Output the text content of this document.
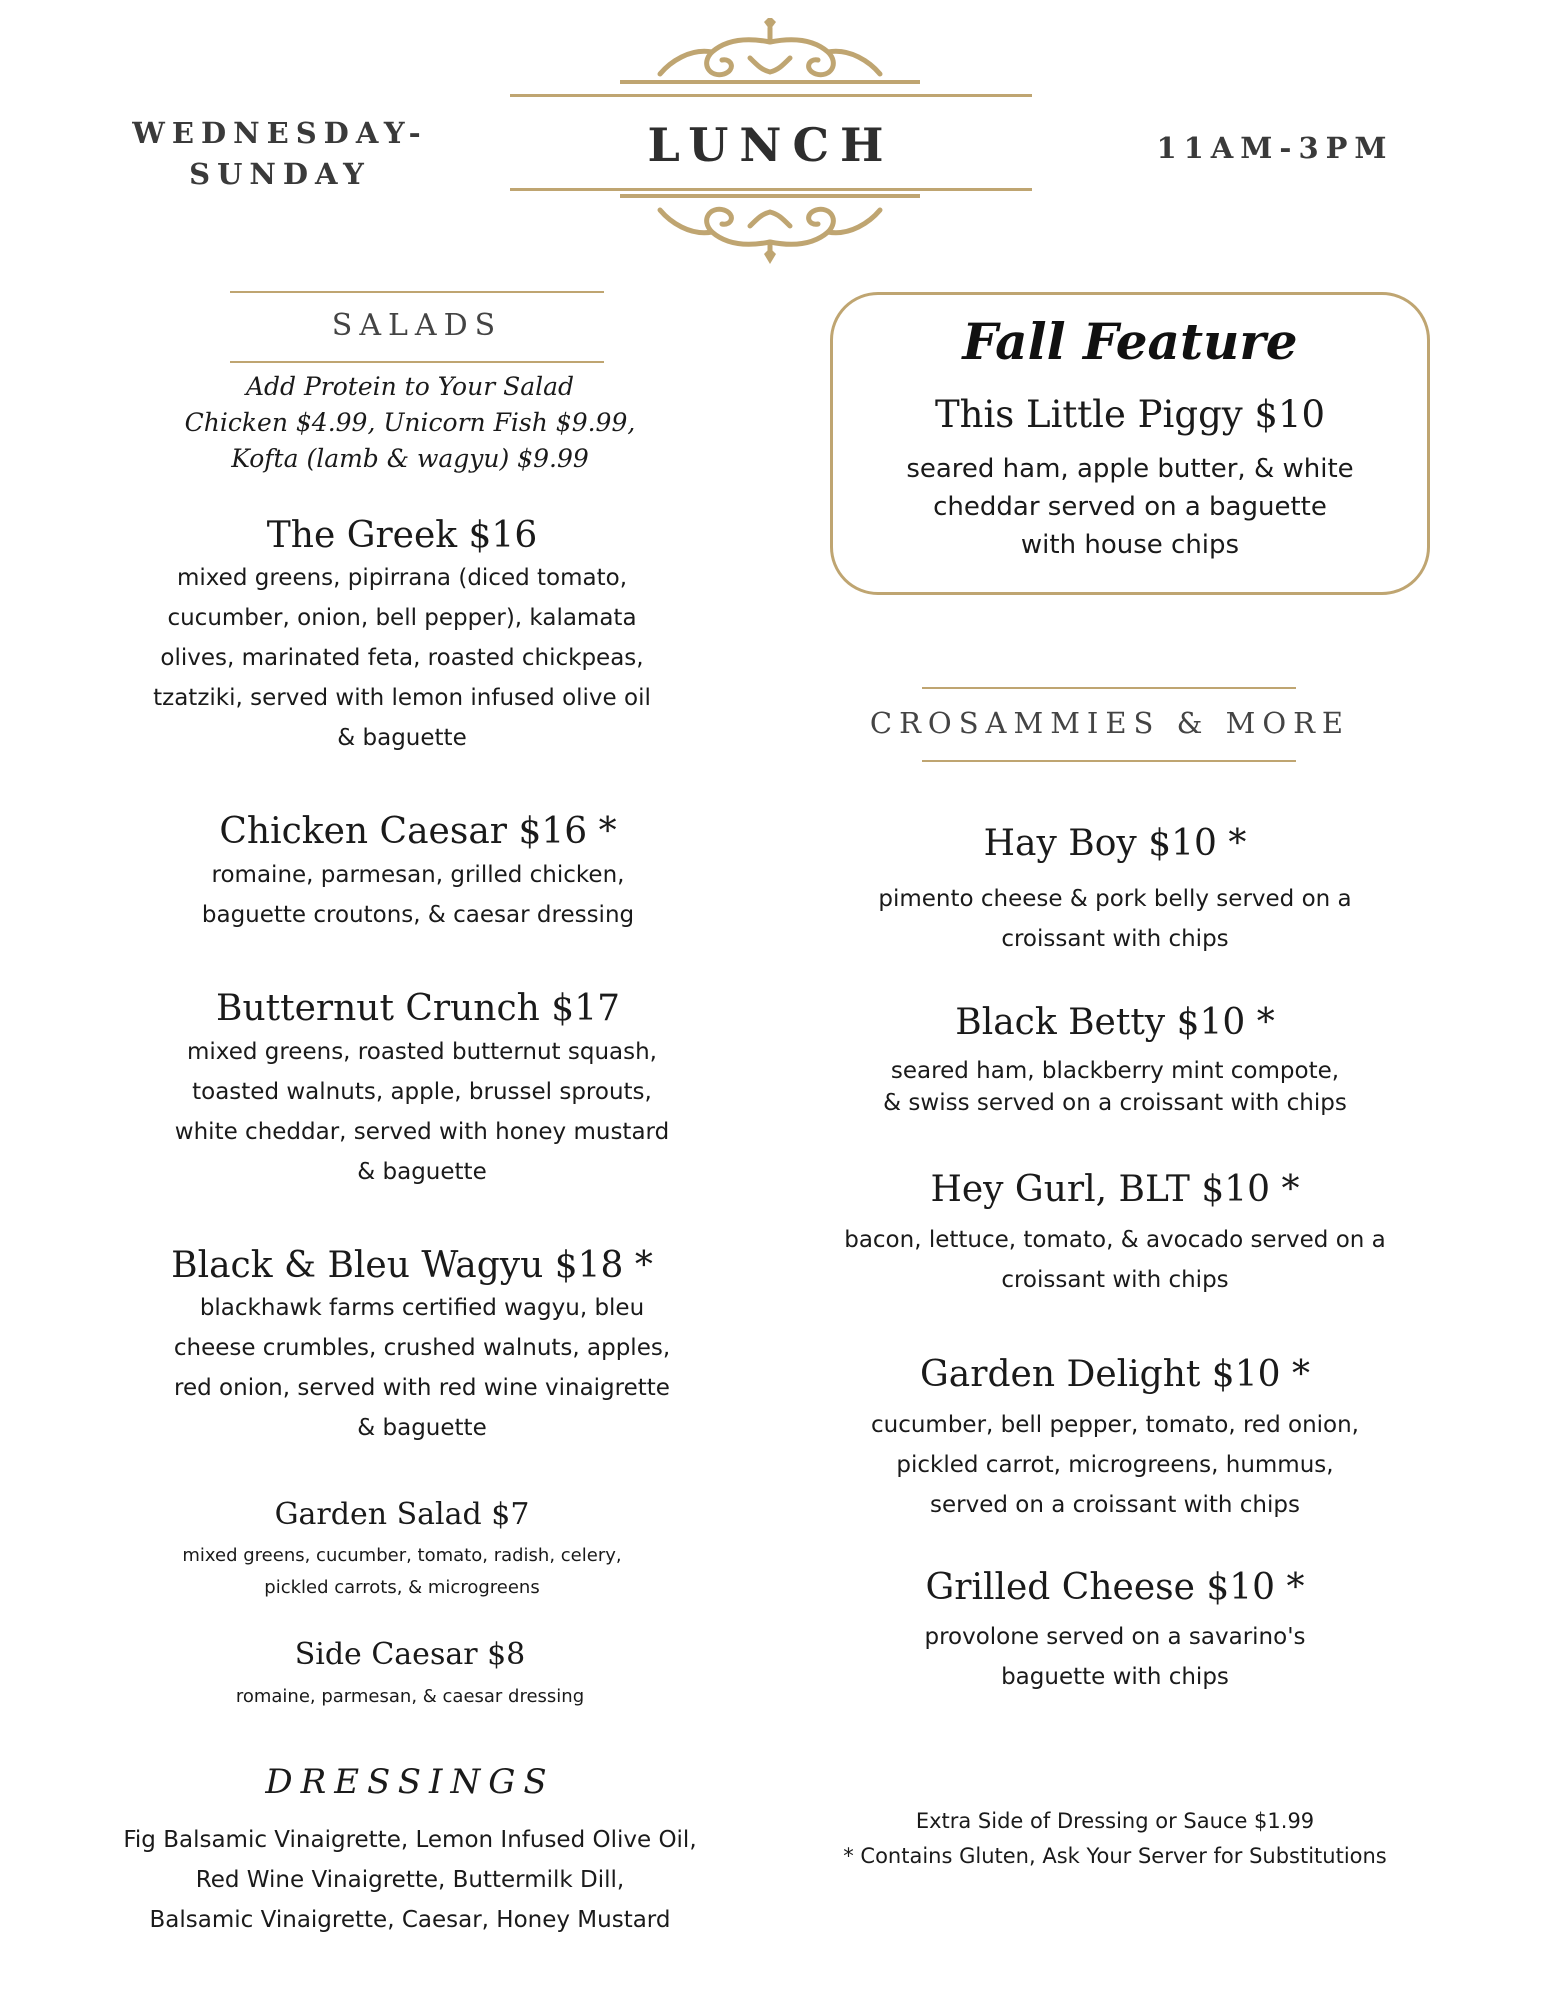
WEDNESDAY-
SUNDAY
LUNCH	11AM-3PM
SALADS
Add Protein to Your Salad
Chicken $4.99, Unicorn Fish $9.99,
Kofta (lamb & wagyu) $9.99
The Greek $16
mixed greens, pipirrana (diced tomato,
cucumber, onion, bell pepper), kalamata
olives, marinated feta, roasted chickpeas,
tzatziki, served with lemon infused olive oil
& baguette
Chicken Caesar $16 *
romaine, parmesan, grilled chicken,
baguette croutons, & caesar dressing
Butternut Crunch $17
mixed greens, roasted butternut squash,
toasted walnuts, apple, brussel sprouts,
white cheddar, served with honey mustard
& baguette
Black & Bleu Wagyu $18 *
blackhawk farms certified wagyu, bleu
cheese crumbles, crushed walnuts, apples,
red onion, served with red wine vinaigrette
& baguette
Garden Salad $7
mixed greens, cucumber, tomato, radish, celery,
pickled carrots, & microgreens
Side Caesar $8
romaine, parmesan, & caesar dressing
DRESSINGS
Fig Balsamic Vinaigrette, Lemon Infused Olive Oil,
Red Wine Vinaigrette, Buttermilk Dill,
Balsamic Vinaigrette, Caesar, Honey Mustard
Fall Feature
This Little Piggy $10
seared ham, apple butter, & white
cheddar served on a baguette
with house chips
CROSAMMIES & MORE
Hay Boy $10 *
pimento cheese & pork belly served on a
croissant with chips
Black Betty $10 *
seared ham, blackberry mint compote,
& swiss served on a croissant with chips
Hey Gurl, BLT $10 *
bacon, lettuce, tomato, & avocado served on a
croissant with chips
Garden Delight $10 *
cucumber, bell pepper, tomato, red onion,
pickled carrot, microgreens, hummus,
served on a croissant with chips
Grilled Cheese $10 *
provolone served on a savarino's
baguette with chips
Extra Side of Dressing or Sauce $1.99
* Contains Gluten, Ask Your Server for Substitutions
